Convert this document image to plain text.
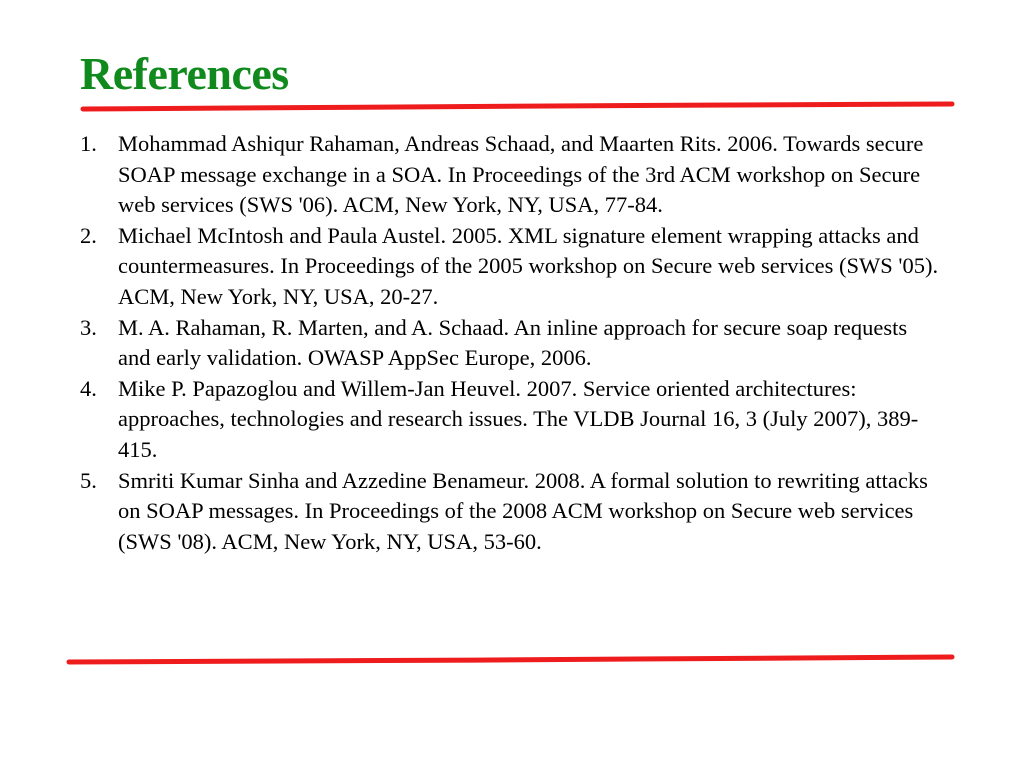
References
1. Mohammad Ashiqur Rahaman, Andreas Schaad, and Maarten Rits. 2006. Towards secure SOAP message exchange in a SOA. In Proceedings of the 3rd ACM workshop on Secure web services (SWS '06). ACM, New York, NY, USA, 77-84.
2. Michael McIntosh and Paula Austel. 2005. XML signature element wrapping attacks and countermeasures. In Proceedings of the 2005 workshop on Secure web services (SWS '05). ACM, New York, NY, USA, 20-27.
3. M. A. Rahaman, R. Marten, and A. Schaad. An inline approach for secure soap requests and early validation. OWASP AppSec Europe, 2006.
4. Mike P. Papazoglou and Willem-Jan Heuvel. 2007. Service oriented architectures: approaches, technologies and research issues. The VLDB Journal 16, 3 (July 2007), 389-415.
5. Smriti Kumar Sinha and Azzedine Benameur. 2008. A formal solution to rewriting attacks on SOAP messages. In Proceedings of the 2008 ACM workshop on Secure web services (SWS '08). ACM, New York, NY, USA, 53-60.
